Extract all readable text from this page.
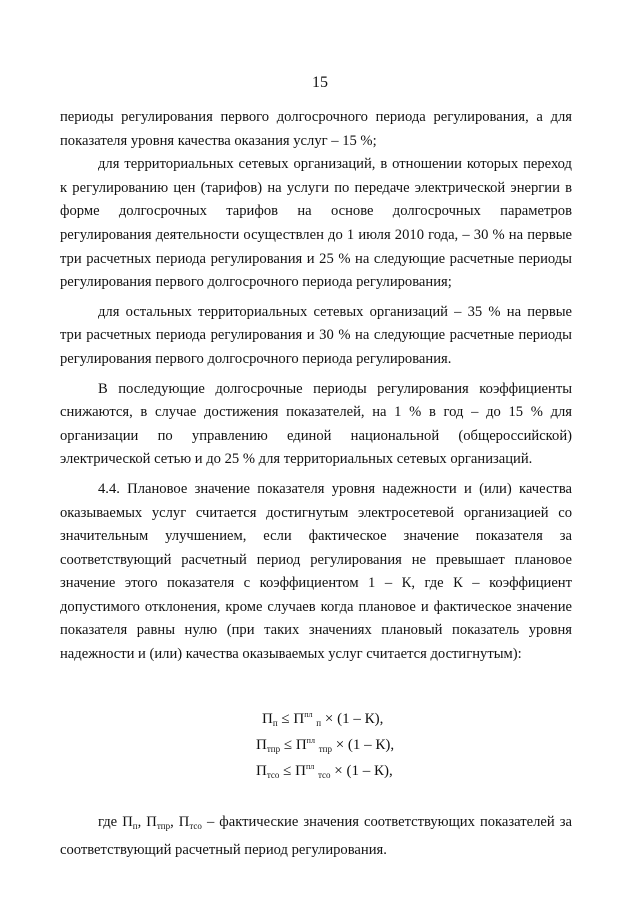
15

периоды регулирования первого долгосрочного периода регулирования, а для показателя уровня качества оказания услуг – 15 %;

для территориальных сетевых организаций, в отношении которых переход к регулированию цен (тарифов) на услуги по передаче электрической энергии в форме долгосрочных тарифов на основе долгосрочных параметров регулирования деятельности осуществлен до 1 июля 2010 года, – 30 % на первые три расчетных периода регулирования и 25 % на следующие расчетные периоды регулирования первого долгосрочного периода регулирования;

для остальных территориальных сетевых организаций – 35 % на первые три расчетных периода регулирования и 30 % на следующие расчетные периоды регулирования первого долгосрочного периода регулирования.

В последующие долгосрочные периоды регулирования коэффициенты снижаются, в случае достижения показателей, на 1 % в год – до 15 % для организации по управлению единой национальной (общероссийской) электрической сетью и до 25 % для территориальных сетевых организаций.

4.4. Плановое значение показателя уровня надежности и (или) качества оказываемых услуг считается достигнутым электросетевой организацией со значительным улучшением, если фактическое значение показателя за соответствующий расчетный период регулирования не превышает плановое значение этого показателя с коэффициентом 1 – К, где К – коэффициент допустимого отклонения, кроме случаев когда плановое и фактическое значение показателя равны нулю (при таких значениях плановый показатель уровня надежности и (или) качества оказываемых услуг считается достигнутым):

$П_п \le П^{пл}$ $_п$ × (1 – К),
$П_{тпр} \le П^{пл}$ $_{тпр}$ × (1 – К),
$П_{тсо} \le П^{пл}$ $_{тсо}$ × (1 – К),

где $П_п$, $П_{тпр}$, $П_{тсо}$ – фактические значения соответствующих показателей за соответствующий расчетный период регулирования.
